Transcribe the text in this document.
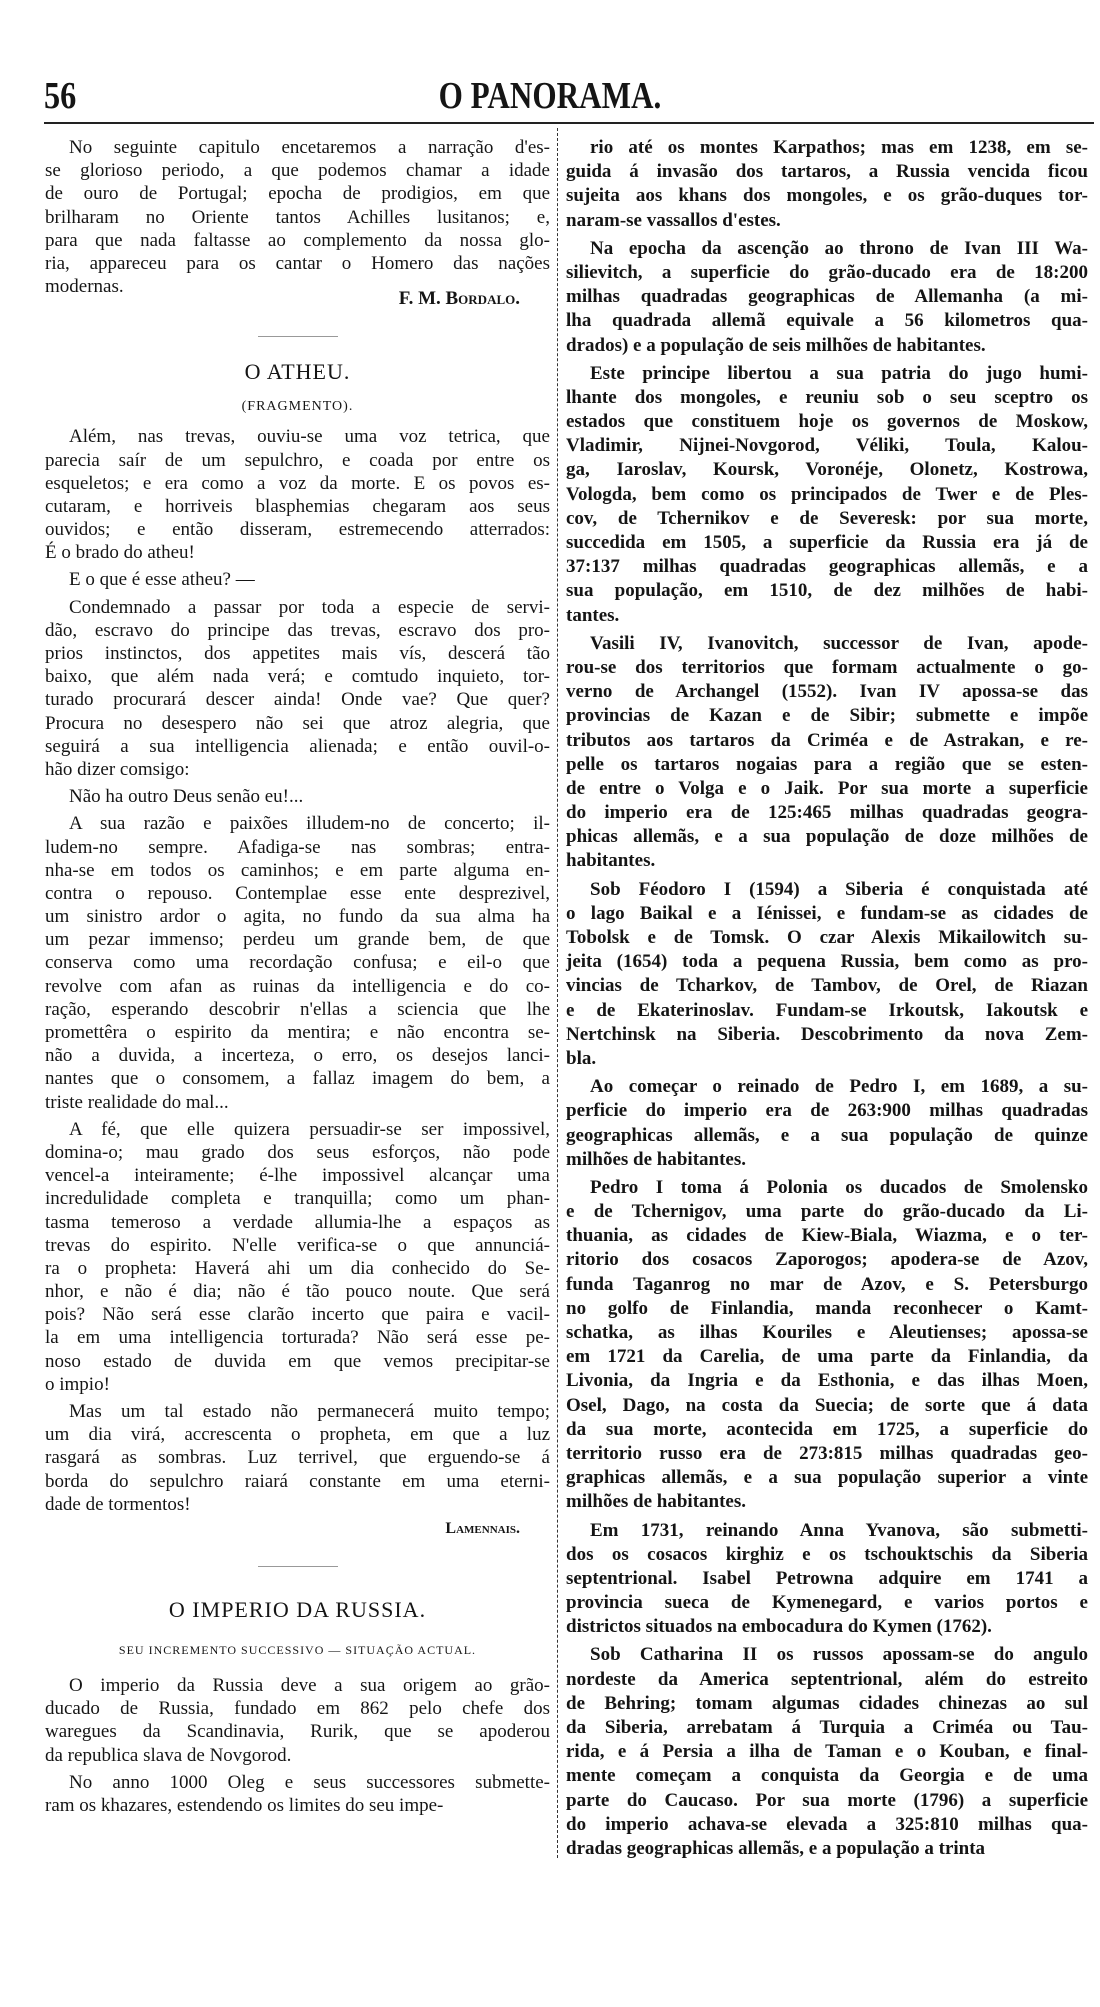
56	O PANORAMA.
No seguinte capitulo encetaremos a narração d'es-
se glorioso periodo, a que podemos chamar a idade
de ouro de Portugal; epocha de prodigios, em que
brilharam no Oriente tantos Achilles lusitanos; e,
para que nada faltasse ao complemento da nossa glo-
ria, appareceu para os cantar o Homero das nações
modernas.
F. M. Bordalo.
O ATHEU.
(FRAGMENTO).
Além, nas trevas, ouviu-se uma voz tetrica, que
parecia saír de um sepulchro, e coada por entre os
esqueletos; e era como a voz da morte. E os povos es-
cutaram, e horriveis blasphemias chegaram aos seus
ouvidos; e então disseram, estremecendo atterrados:
É o brado do atheu!
E o que é esse atheu? —
Condemnado a passar por toda a especie de servi-
dão, escravo do principe das trevas, escravo dos pro-
prios instinctos, dos appetites mais vís, descerá tão
baixo, que além nada verá; e comtudo inquieto, tor-
turado procurará descer ainda! Onde vae? Que quer?
Procura no desespero não sei que atroz alegria, que
seguirá a sua intelligencia alienada; e então ouvil-o-
hão dizer comsigo:
Não ha outro Deus senão eu!...
A sua razão e paixões illudem-no de concerto; il-
ludem-no sempre. Afadiga-se nas sombras; entra-
nha-se em todos os caminhos; e em parte alguma en-
contra o repouso. Contemplae esse ente desprezivel,
um sinistro ardor o agita, no fundo da sua alma ha
um pezar immenso; perdeu um grande bem, de que
conserva como uma recordação confusa; e eil-o que
revolve com afan as ruinas da intelligencia e do co-
ração, esperando descobrir n'ellas a sciencia que lhe
promettêra o espirito da mentira; e não encontra se-
não a duvida, a incerteza, o erro, os desejos lanci-
nantes que o consomem, a fallaz imagem do bem, a
triste realidade do mal...
A fé, que elle quizera persuadir-se ser impossivel,
domina-o; mau grado dos seus esforços, não pode
vencel-a inteiramente; é-lhe impossivel alcançar uma
incredulidade completa e tranquilla; como um phan-
tasma temeroso a verdade allumia-lhe a espaços as
trevas do espirito. N'elle verifica-se o que annunciá-
ra o propheta: Haverá ahi um dia conhecido do Se-
nhor, e não é dia; não é tão pouco noute. Que será
pois? Não será esse clarão incerto que paira e vacil-
la em uma intelligencia torturada? Não será esse pe-
noso estado de duvida em que vemos precipitar-se
o impio!
Mas um tal estado não permanecerá muito tempo;
um dia virá, accrescenta o propheta, em que a luz
rasgará as sombras. Luz terrivel, que erguendo-se á
borda do sepulchro raiará constante em uma eterni-
dade de tormentos!
Lamennais.
O IMPERIO DA RUSSIA.
SEU INCREMENTO SUCCESSIVO — SITUAÇÃO ACTUAL.
O imperio da Russia deve a sua origem ao grão-
ducado de Russia, fundado em 862 pelo chefe dos
waregues da Scandinavia, Rurik, que se apoderou
da republica slava de Novgorod.
No anno 1000 Oleg e seus successores submette-
ram os khazares, estendendo os limites do seu impe-
rio até os montes Karpathos; mas em 1238, em se-
guida á invasão dos tartaros, a Russia vencida ficou
sujeita aos khans dos mongoles, e os grão-duques tor-
naram-se vassallos d'estes.
Na epocha da ascenção ao throno de Ivan III Wa-
silievitch, a superficie do grão-ducado era de 18:200
milhas quadradas geographicas de Allemanha (a mi-
lha quadrada allemã equivale a 56 kilometros qua-
drados) e a população de seis milhões de habitantes.
Este principe libertou a sua patria do jugo humi-
lhante dos mongoles, e reuniu sob o seu sceptro os
estados que constituem hoje os governos de Moskow,
Vladimir, Nijnei-Novgorod, Véliki, Toula, Kalou-
ga, Iaroslav, Koursk, Voronéje, Olonetz, Kostrowa,
Vologda, bem como os principados de Twer e de Ples-
cov, de Tchernikov e de Severesk: por sua morte,
succedida em 1505, a superficie da Russia era já de
37:137 milhas quadradas geographicas allemãs, e a
sua população, em 1510, de dez milhões de habi-
tantes.
Vasili IV, Ivanovitch, successor de Ivan, apode-
rou-se dos territorios que formam actualmente o go-
verno de Archangel (1552). Ivan IV apossa-se das
provincias de Kazan e de Sibir; submette e impõe
tributos aos tartaros da Criméa e de Astrakan, e re-
pelle os tartaros nogaias para a região que se esten-
de entre o Volga e o Jaik. Por sua morte a superficie
do imperio era de 125:465 milhas quadradas geogra-
phicas allemãs, e a sua população de doze milhões de
habitantes.
Sob Féodoro I (1594) a Siberia é conquistada até
o lago Baikal e a Iénissei, e fundam-se as cidades de
Tobolsk e de Tomsk. O czar Alexis Mikailowitch su-
jeita (1654) toda a pequena Russia, bem como as pro-
vincias de Tcharkov, de Tambov, de Orel, de Riazan
e de Ekaterinoslav. Fundam-se Irkoutsk, Iakoutsk e
Nertchinsk na Siberia. Descobrimento da nova Zem-
bla.
Ao começar o reinado de Pedro I, em 1689, a su-
perficie do imperio era de 263:900 milhas quadradas
geographicas allemãs, e a sua população de quinze
milhões de habitantes.
Pedro I toma á Polonia os ducados de Smolensko
e de Tchernigov, uma parte do grão-ducado da Li-
thuania, as cidades de Kiew-Biala, Wiazma, e o ter-
ritorio dos cosacos Zaporogos; apodera-se de Azov,
funda Taganrog no mar de Azov, e S. Petersburgo
no golfo de Finlandia, manda reconhecer o Kamt-
schatka, as ilhas Kouriles e Aleutienses; apossa-se
em 1721 da Carelia, de uma parte da Finlandia, da
Livonia, da Ingria e da Esthonia, e das ilhas Moen,
Osel, Dago, na costa da Suecia; de sorte que á data
da sua morte, acontecida em 1725, a superficie do
territorio russo era de 273:815 milhas quadradas geo-
graphicas allemãs, e a sua população superior a vinte
milhões de habitantes.
Em 1731, reinando Anna Yvanova, são submetti-
dos os cosacos kirghiz e os tschouktschis da Siberia
septentrional. Isabel Petrowna adquire em 1741 a
provincia sueca de Kymenegard, e varios portos e
districtos situados na embocadura do Kymen (1762).
Sob Catharina II os russos apossam-se do angulo
nordeste da America septentrional, além do estreito
de Behring; tomam algumas cidades chinezas ao sul
da Siberia, arrebatam á Turquia a Criméa ou Tau-
rida, e á Persia a ilha de Taman e o Kouban, e final-
mente começam a conquista da Georgia e de uma
parte do Caucaso. Por sua morte (1796) a superficie
do imperio achava-se elevada a 325:810 milhas qua-
dradas geographicas allemãs, e a população a trinta
